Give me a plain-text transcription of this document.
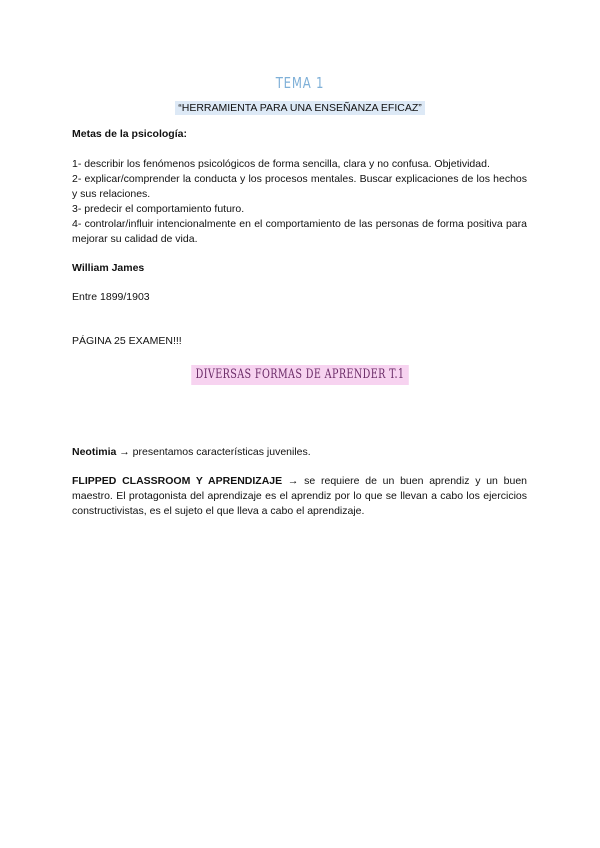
TEMA 1
“HERRAMIENTA PARA UNA ENSEÑANZA EFICAZ”
Metas de la psicología:

1- describir los fenómenos psicológicos de forma sencilla, clara y no confusa. Objetividad.

2- explicar/comprender la conducta y los procesos mentales. Buscar explicaciones de los hechos y sus relaciones.

3- predecir el comportamiento futuro.

4- controlar/influir intencionalmente en el comportamiento de las personas de forma positiva para mejorar su calidad de vida.

William James
Entre 1899/1903
PÁGINA 25 EXAMEN!!!
DIVERSAS FORMAS DE APRENDER T.1
Neotimia → presentamos características juveniles.
FLIPPED CLASSROOM Y APRENDIZAJE → se requiere de un buen aprendiz y un buen maestro. El protagonista del aprendizaje es el aprendiz por lo que se llevan a cabo los ejercicios constructivistas, es el sujeto el que lleva a cabo el aprendizaje.
